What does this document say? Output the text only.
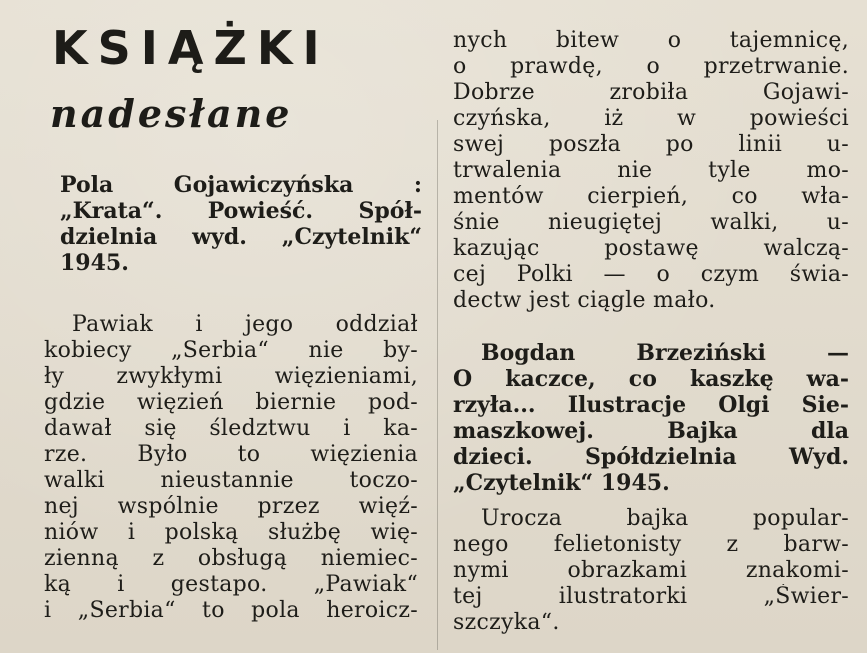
KSIĄŻKI
nadesłane
Pola Gojawiczyńska :
„Krata“. Powieść. Spół-
dzielnia wyd. „Czytelnik“
1945.
Pawiak i jego oddział
kobiecy „Serbia“ nie by-
ły zwykłymi więzieniami,
gdzie więzień biernie pod-
dawał się śledztwu i ka-
rze. Było to więzienia
walki nieustannie toczo-
nej wspólnie przez więź-
niów i polską służbę wię-
zienną z obsługą niemiec-
ką i gestapo. „Pawiak“
i „Serbia“ to pola heroicz-
nych bitew o tajemnicę,
o prawdę, o przetrwanie.
Dobrze zrobiła Gojawi-
czyńska, iż w powieści
swej poszła po linii u-
trwalenia nie tyle mo-
mentów cierpień, co wła-
śnie nieugiętej walki, u-
kazując postawę walczą-
cej Polki — o czym świa-
dectw jest ciągle mało.
Bogdan Brzeziński —
O kaczce, co kaszkę wa-
rzyła... Ilustracje Olgi Sie-
maszkowej. Bajka dla
dzieci. Spółdzielnia Wyd.
„Czytelnik“ 1945.
Urocza bajka popular-
nego felietonisty z barw-
nymi obrazkami znakomi-
tej ilustratorki „Świer-
szczyka“.
